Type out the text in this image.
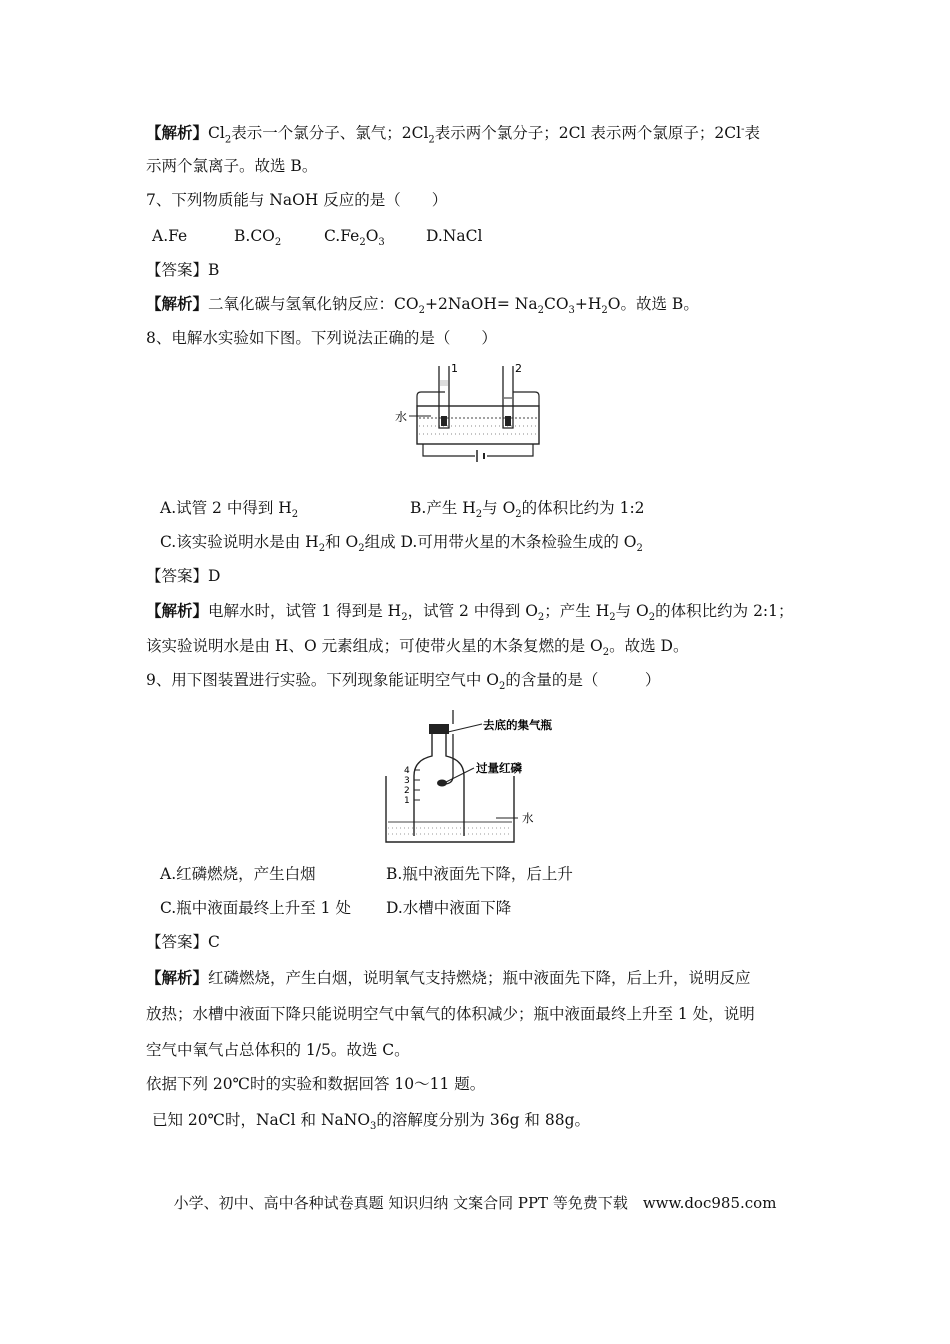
【解析】$Cl_2$表示一个氯分子、氯气；$2Cl_2$表示两个氯分子；2Cl 表示两个氯原子；2Cl-表
示两个氯离子。故选 B。
7、下列物质能与 NaOH 反应的是（　　）
A.Fe	$B.CO_2$	$C.Fe_2O_3$	D.NaCl
【答案】B
【解析】二氧化碳与氢氧化钠反应：$CO_2+2NaOH= Na_2CO_3+H_2O$。故选 B。
8、电解水实验如下图。下列说法正确的是（　　）
水
1	2
A.试管 2 中得到 $H_2$	B.产生 $H_2$与 $O_2$的体积比约为 1:2
C.该实验说明水是由 $H_2$和 $O_2$组成 D.可用带火星的木条检验生成的 $O_2$
【答案】D
【解析】电解水时，试管 1 得到是 $H_2$，试管 2 中得到 $O_2$；产生 $H_2$与 $O_2$的体积比约为 2:1；
该实验说明水是由 H、O 元素组成；可使带火星的木条复燃的是 $O_2$。故选 D。
9、用下图装置进行实验。下列现象能证明空气中 $O_2$的含量的是（　　　）
4
3
2
1
去底的集气瓶
过量红磷
水
A.红磷燃烧，产生白烟	B.瓶中液面先下降，后上升
C.瓶中液面最终上升至 1 处 D.水槽中液面下降
【答案】C
【解析】红磷燃烧，产生白烟，说明氧气支持燃烧；瓶中液面先下降，后上升，说明反应
放热；水槽中液面下降只能说明空气中氧气的体积减少；瓶中液面最终上升至 1 处，说明
空气中氧气占总体积的 1/5。故选 C。
依据下列 20℃时的实验和数据回答 10～11 题。
已知 20℃时，NaCl 和 NaNO$_3$的溶解度分别为 36g 和 88g。
小学、初中、高中各种试卷真题 知识归纳 文案合同 PPT 等免费下载　www.doc985.com
